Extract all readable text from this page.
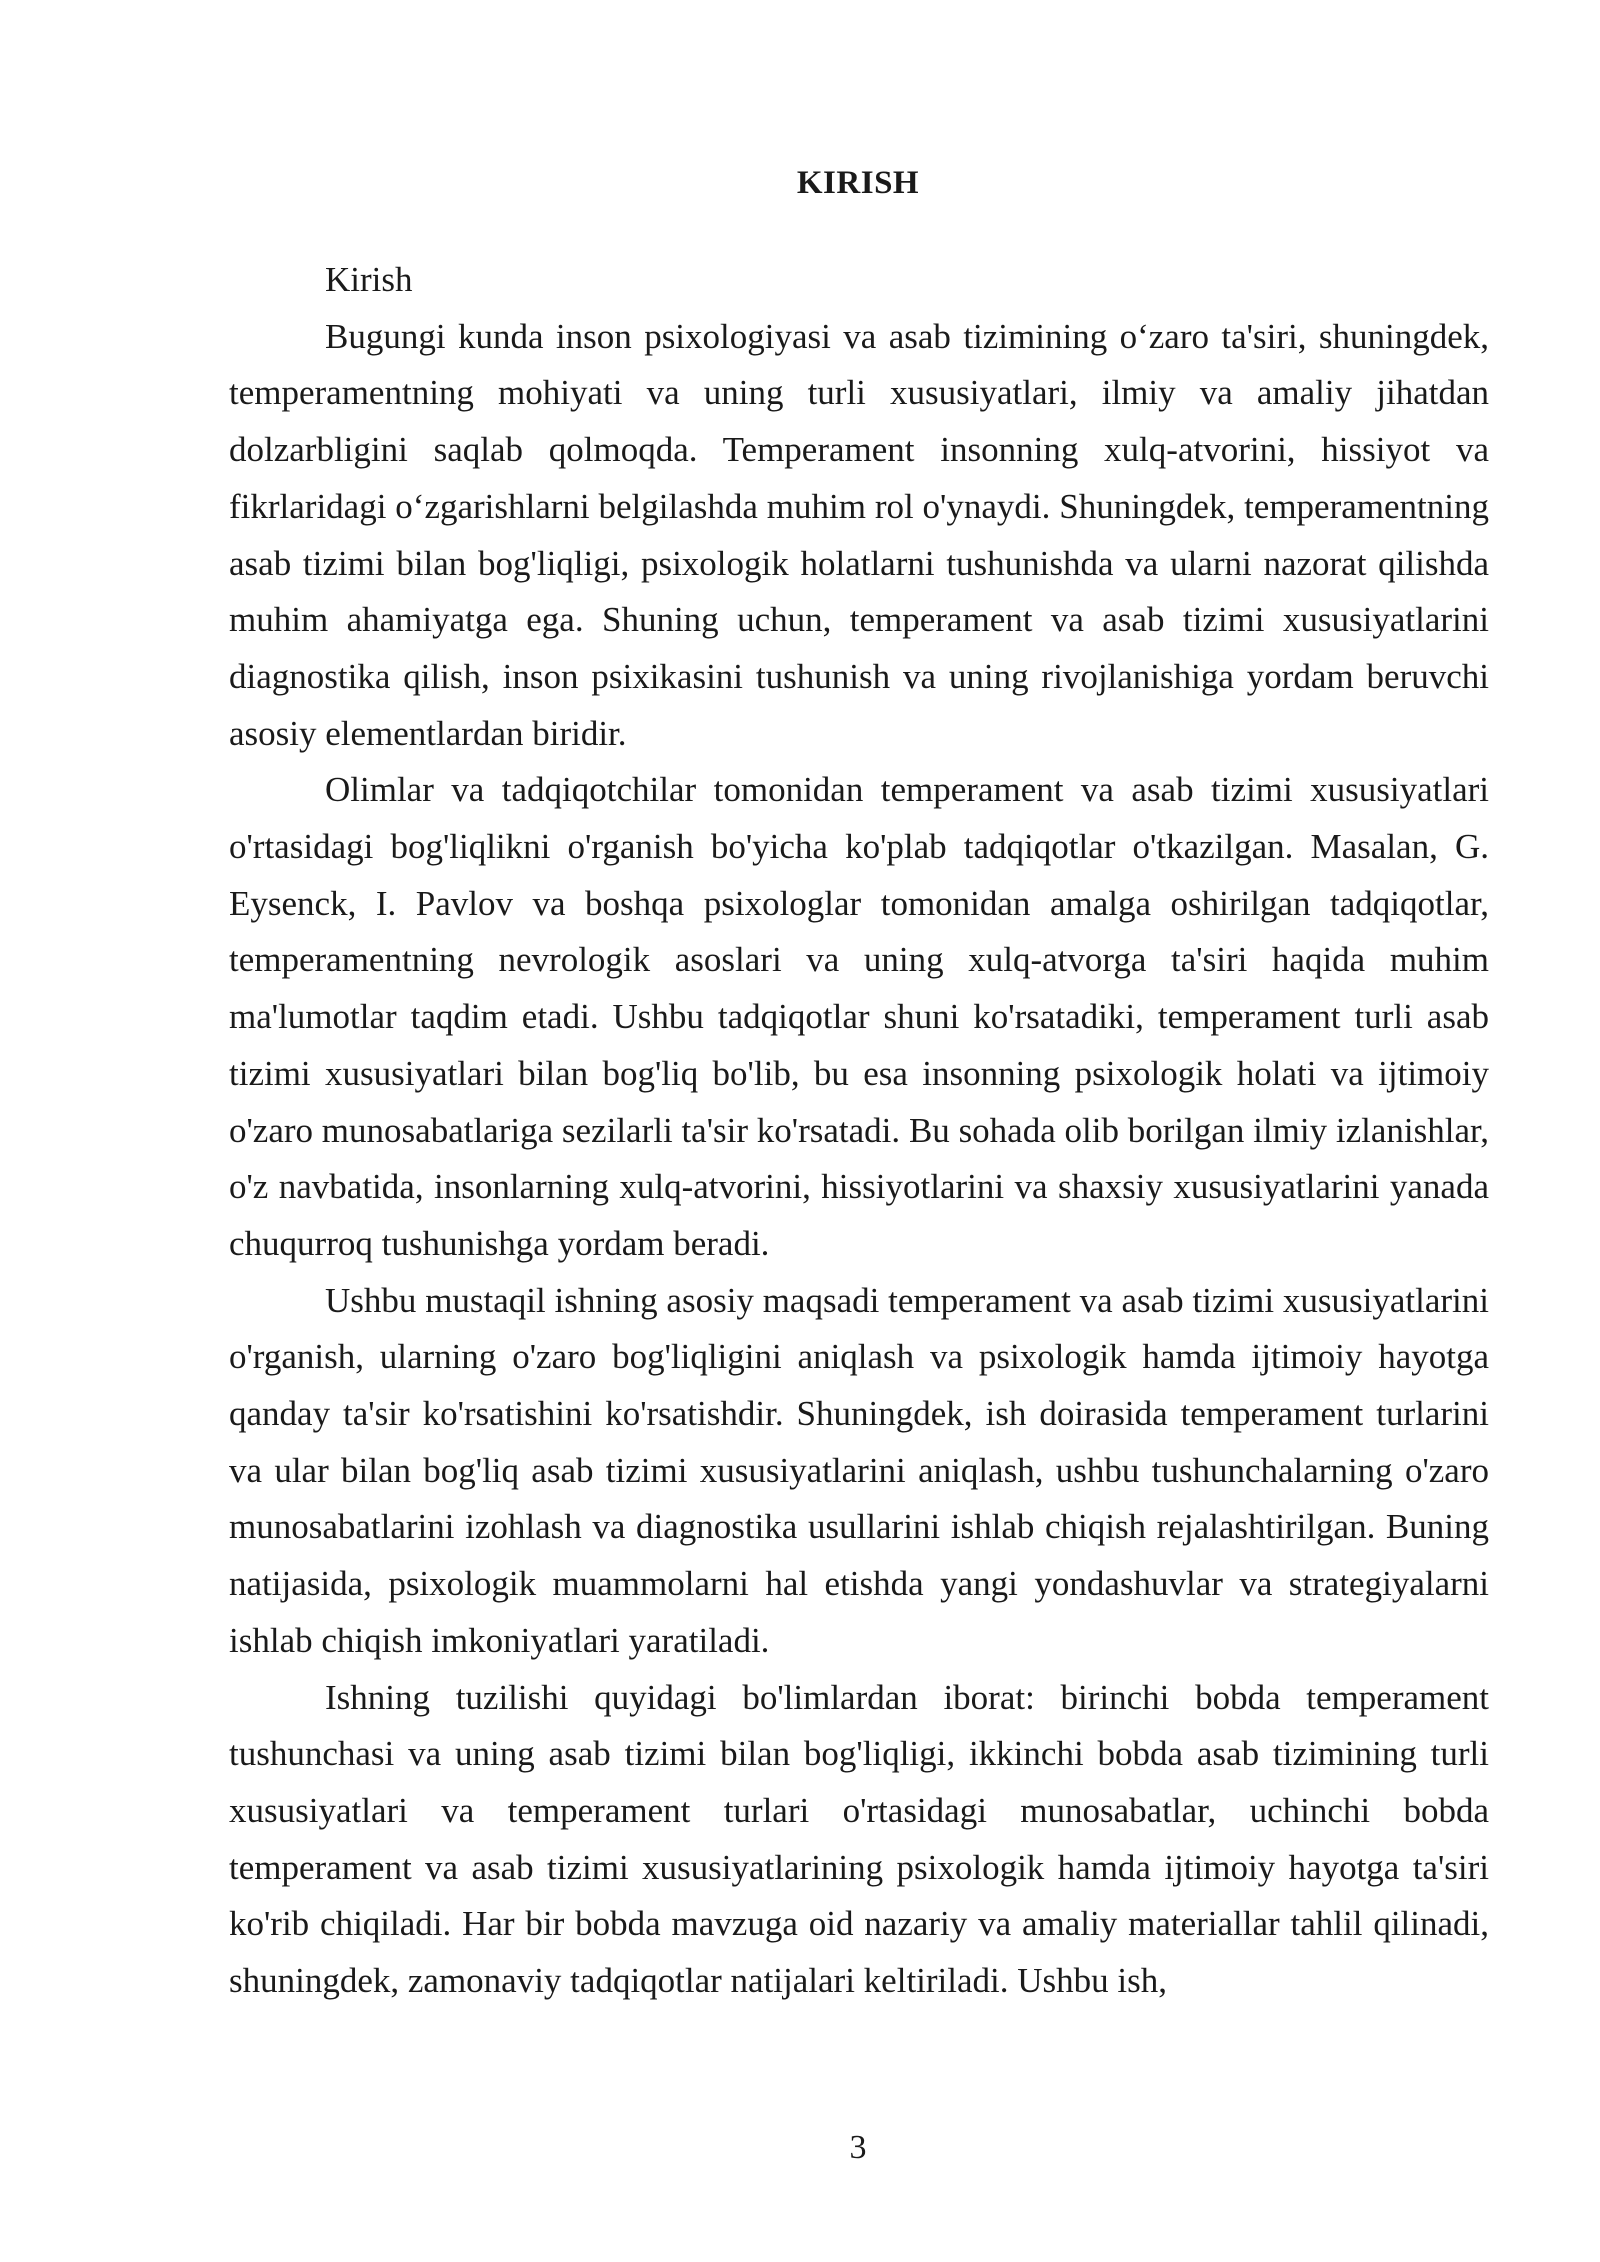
KIRISH

Kirish

Bugungi kunda inson psixologiyasi va asab tizimining o‘zaro ta'siri, shuningdek, temperamentning mohiyati va uning turli xususiyatlari, ilmiy va amaliy jihatdan dolzarbligini saqlab qolmoqda. Temperament insonning xulq-atvorini, hissiyot va fikrlaridagi o‘zgarishlarni belgilashda muhim rol o'ynaydi. Shuningdek, temperamentning asab tizimi bilan bog'liqligi, psixologik holatlarni tushunishda va ularni nazorat qilishda muhim ahamiyatga ega. Shuning uchun, temperament va asab tizimi xususiyatlarini diagnostika qilish, inson psixikasini tushunish va uning rivojlanishiga yordam beruvchi asosiy elementlardan biridir.

Olimlar va tadqiqotchilar tomonidan temperament va asab tizimi xususiyatlari o'rtasidagi bog'liqlikni o'rganish bo'yicha ko'plab tadqiqotlar o'tkazilgan. Masalan, G. Eysenck, I. Pavlov va boshqa psixologlar tomonidan amalga oshirilgan tadqiqotlar, temperamentning nevrologik asoslari va uning xulq-atvorga ta'siri haqida muhim ma'lumotlar taqdim etadi. Ushbu tadqiqotlar shuni ko'rsatadiki, temperament turli asab tizimi xususiyatlari bilan bog'liq bo'lib, bu esa insonning psixologik holati va ijtimoiy o'zaro munosabatlariga sezilarli ta'sir ko'rsatadi. Bu sohada olib borilgan ilmiy izlanishlar, o'z navbatida, insonlarning xulq-atvorini, hissiyotlarini va shaxsiy xususiyatlarini yanada chuqurroq tushunishga yordam beradi.

Ushbu mustaqil ishning asosiy maqsadi temperament va asab tizimi xususiyatlarini o'rganish, ularning o'zaro bog'liqligini aniqlash va psixologik hamda ijtimoiy hayotga qanday ta'sir ko'rsatishini ko'rsatishdir. Shuningdek, ish doirasida temperament turlarini va ular bilan bog'liq asab tizimi xususiyatlarini aniqlash, ushbu tushunchalarning o'zaro munosabatlarini izohlash va diagnostika usullarini ishlab chiqish rejalashtirilgan. Buning natijasida, psixologik muammolarni hal etishda yangi yondashuvlar va strategiyalarni ishlab chiqish imkoniyatlari yaratiladi.

Ishning tuzilishi quyidagi bo'limlardan iborat: birinchi bobda temperament tushunchasi va uning asab tizimi bilan bog'liqligi, ikkinchi bobda asab tizimining turli xususiyatlari va temperament turlari o'rtasidagi munosabatlar, uchinchi bobda temperament va asab tizimi xususiyatlarining psixologik hamda ijtimoiy hayotga ta'siri ko'rib chiqiladi. Har bir bobda mavzuga oid nazariy va amaliy materiallar tahlil qilinadi, shuningdek, zamonaviy tadqiqotlar natijalari keltiriladi. Ushbu ish,

3
